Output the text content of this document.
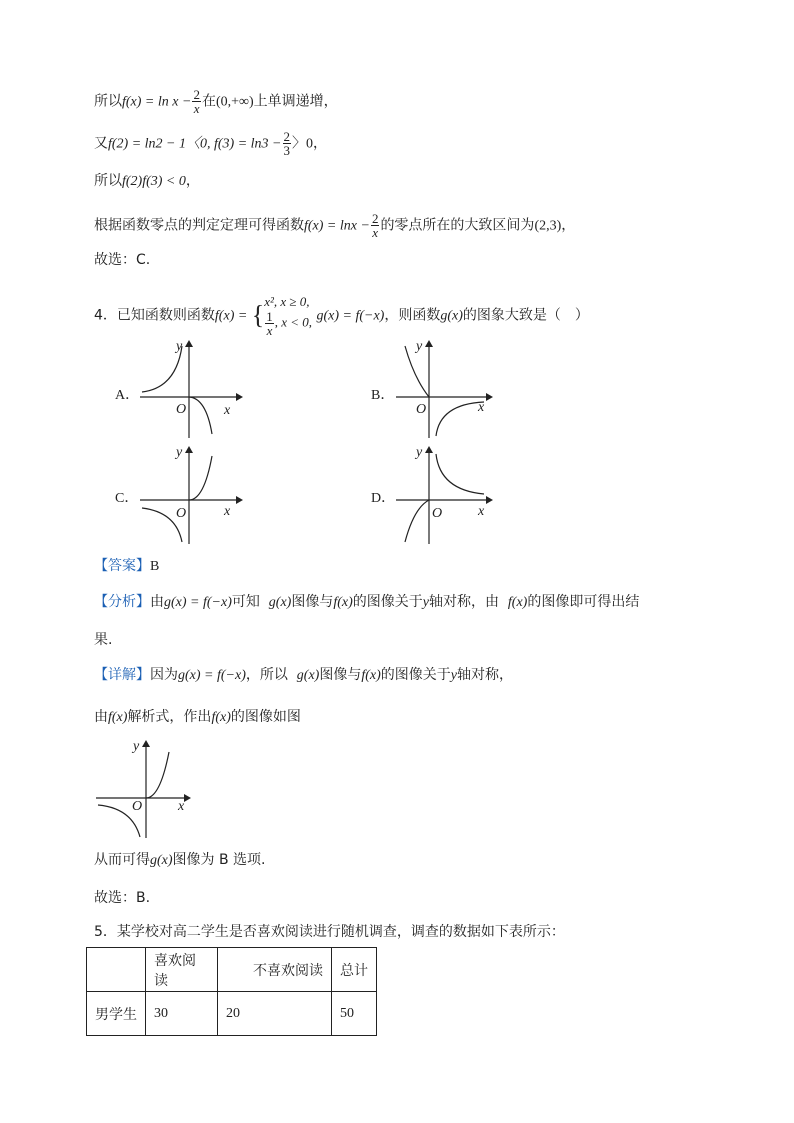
所以$f(x) = \ln x - \frac{2}{x}$ 在(0,+∞)上单调递增，
又f(2) = ln2 − 1〈0, $f(3) = \ln 3 - \frac{2}{3}$ 〉0，
所以f(2)f(3) < 0，
根据函数零点的判定定理可得函数$f(x) = \ln x - \frac{2}{x}$ 的零点所在的大致区间为(2,3)，
故选：C.
4．已知函数则函数f(x) = { x², x ≥ 0,
$\frac{1}{x}$ , x < 0, g(x) = f(−x)，则函数g(x)的图象大致是（　）
A．	B．
C．	D．
y
x
O
y
x
O
y
x
O
y
x
O
【答案】B
【分析】由g(x) = f(−x)可知 g(x)图像与f(x)的图像关于y轴对称，由 f(x)的图像即可得出结
果.
【详解】因为g(x) = f(−x)，所以 g(x)图像与f(x)的图像关于y轴对称，
由f(x)解析式，作出f(x)的图像如图
y
x
O
从而可得g(x)图像为 B 选项.
故选：B.
5．某学校对高二学生是否喜欢阅读进行随机调查，调查的数据如下表所示：
	喜欢阅读	不喜欢阅读	总计
男学生	30	20	50
